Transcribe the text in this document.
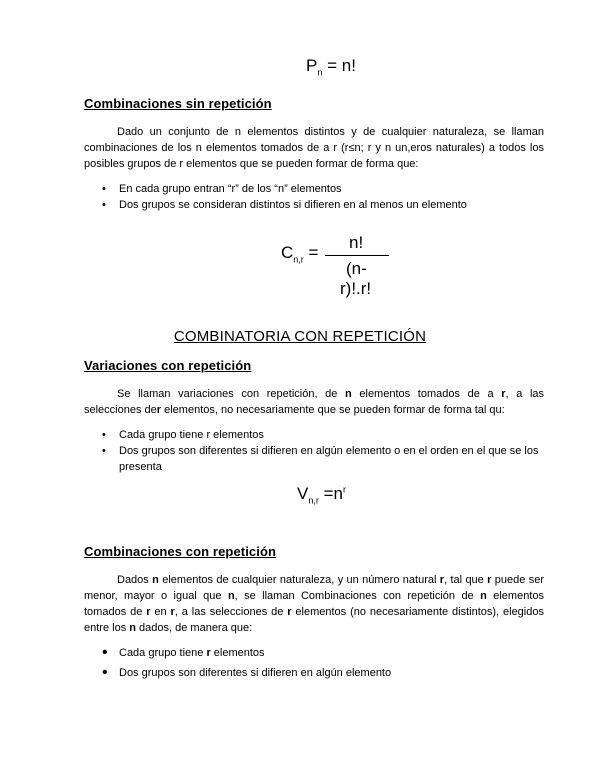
$P_n = n$!
Combinaciones sin repetición
Dado un conjunto de n elementos distintos y de cualquier naturaleza, se llaman combinaciones de los n elementos tomados de a r (r≤n; r y n un,eros naturales) a todos los posibles grupos de r elementos que se pueden formar de forma que:
• En cada grupo entran “r” de los “n” elementos
• Dos grupos se consideran distintos si difieren en al menos un elemento
$C_{n,r}$ =
n!
(n-
r)!.r!
COMBINATORIA CON REPETICIÓN
Variaciones con repetición
Se llaman variaciones con repetición, de n elementos tomados de a r, a las selecciones der elementos, no necesariamente que se pueden formar de forma tal qu:
• Cada grupo tiene r elementos
• Dos grupos son diferentes si difieren en algún elemento o en el orden en el que se los presenta
$V_{n,r} =n^r$
Combinaciones con repetición
Dados n elementos de cualquier naturaleza, y un número natural r, tal que r puede ser menor, mayor o igual que n, se llaman Combinaciones con repetición de n elementos tomados de r en r, a las selecciones de r elementos (no necesariamente distintos), elegidos entre los n dados, de manera que:
• Cada grupo tiene r elementos
• Dos grupos son diferentes si difieren en algún elemento
